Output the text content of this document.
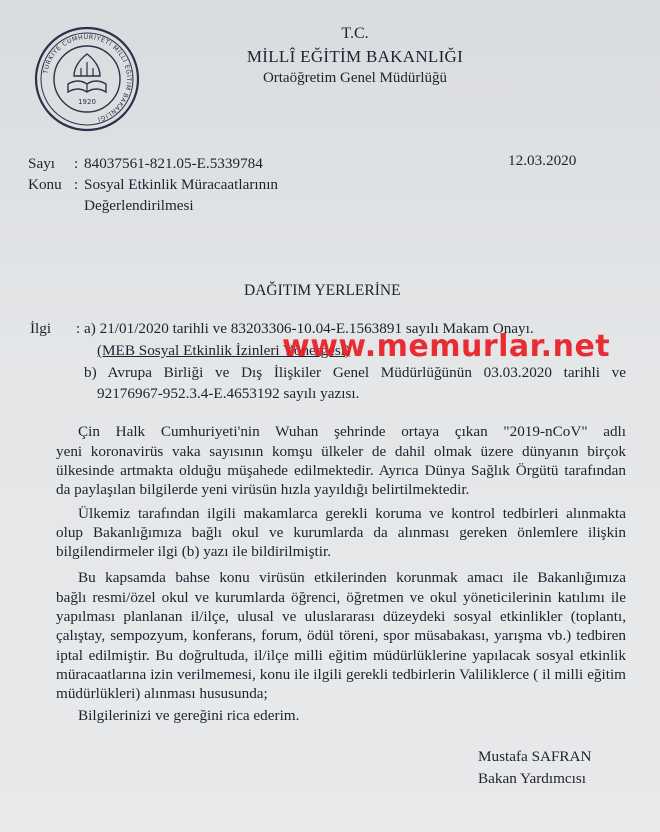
TÜRKİYE CUMHURİYETİ MİLLÎ EĞİTİM BAKANLIĞI
1920
T.C.
MİLLÎ EĞİTİM BAKANLIĞI
Ortaöğretim Genel Müdürlüğü
Sayı : 84037561-821.05-E.5339784	12.03.2020
Konu : Sosyal Etkinlik Müracaatlarının
Değerlendirilmesi
DAĞITIM YERLERİNE
İlgi : a) 21/01/2020 tarihli ve 83203306-10.04-E.1563891 sayılı Makam Onayı.
(MEB Sosyal Etkinlik İzinleri Yönergesi)
b) Avrupa Birliği ve Dış İlişkiler Genel Müdürlüğünün 03.03.2020 tarihli ve
92176967-952.3.4-E.4653192 sayılı yazısı.
www.memurlar.net
Çin Halk Cumhuriyeti'nin Wuhan şehrinde ortaya çıkan "2019-nCoV" adlı
yeni koronavirüs vaka sayısının komşu ülkeler de dahil olmak üzere dünyanın birçok
ülkesinde artmakta olduğu müşahede edilmektedir. Ayrıca Dünya Sağlık Örgütü tarafından
da paylaşılan bilgilerde yeni virüsün hızla yayıldığı belirtilmektedir.
Ülkemiz tarafından ilgili makamlarca gerekli koruma ve kontrol tedbirleri alınmakta
olup Bakanlığımıza bağlı okul ve kurumlarda da alınması gereken önlemlere ilişkin
bilgilendirmeler ilgi (b) yazı ile bildirilmiştir.
Bu kapsamda bahse konu virüsün etkilerinden korunmak amacı ile Bakanlığımıza
bağlı resmi/özel okul ve kurumlarda öğrenci, öğretmen ve okul yöneticilerinin katılımı ile
yapılması planlanan il/ilçe, ulusal ve uluslararası düzeydeki sosyal etkinlikler (toplantı,
çalıştay, sempozyum, konferans, forum, ödül töreni, spor müsabakası, yarışma vb.) tedbiren
iptal edilmiştir. Bu doğrultuda, il/ilçe milli eğitim müdürlüklerine yapılacak sosyal etkinlik
müracaatlarına izin verilmemesi, konu ile ilgili gerekli tedbirlerin Valiliklerce ( il milli eğitim
müdürlükleri) alınması hususunda;
Bilgilerinizi ve gereğini rica ederim.
Mustafa SAFRAN
Bakan Yardımcısı
